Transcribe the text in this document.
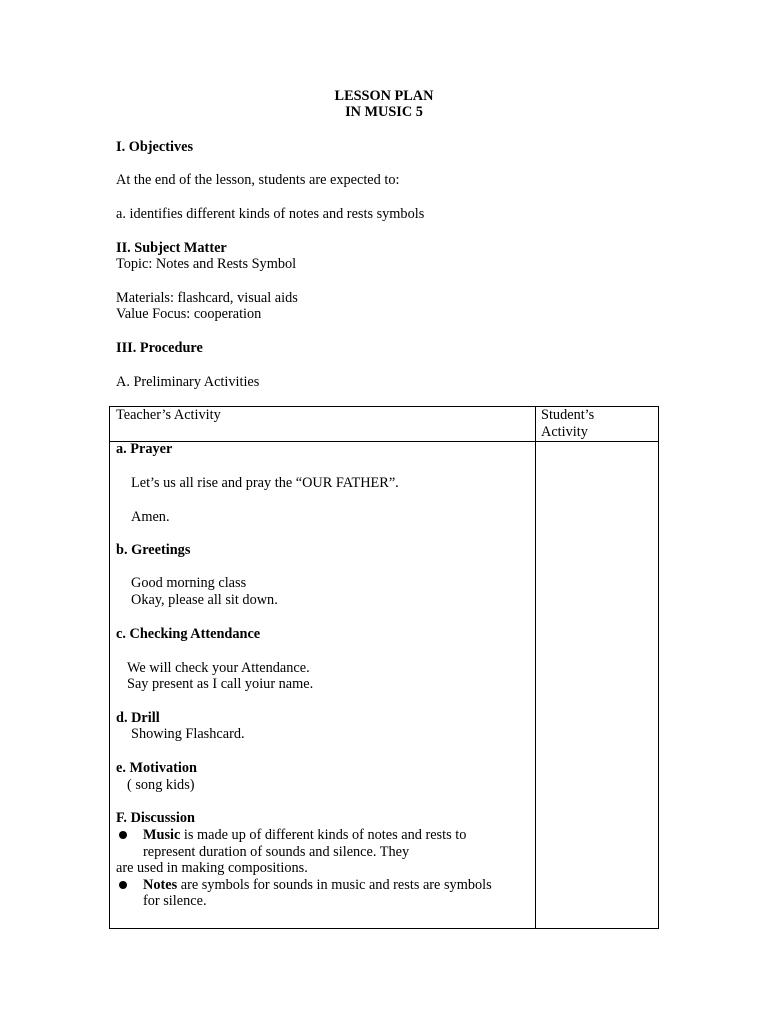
LESSON PLAN
IN MUSIC 5
I. Objectives
At the end of the lesson, students are expected to:
a. identifies different kinds of notes and rests symbols
II. Subject Matter
Topic: Notes and Rests Symbol
Materials: flashcard, visual aids
Value Focus: cooperation
III. Procedure
A. Preliminary Activities
Teacher’s Activity	Student’s
Activity
a. Prayer
Let’s us all rise and pray the “OUR FATHER”.
Amen.
b. Greetings
Good morning class
Okay, please all sit down.
c. Checking Attendance
We will check your Attendance.
Say present as I call yoiur name.
d. Drill
Showing Flashcard.
e. Motivation
( song kids)
F. Discussion
Music is made up of different kinds of notes and rests to
represent duration of sounds and silence. They
are used in making compositions.
Notes are symbols for sounds in music and rests are symbols
for silence.
